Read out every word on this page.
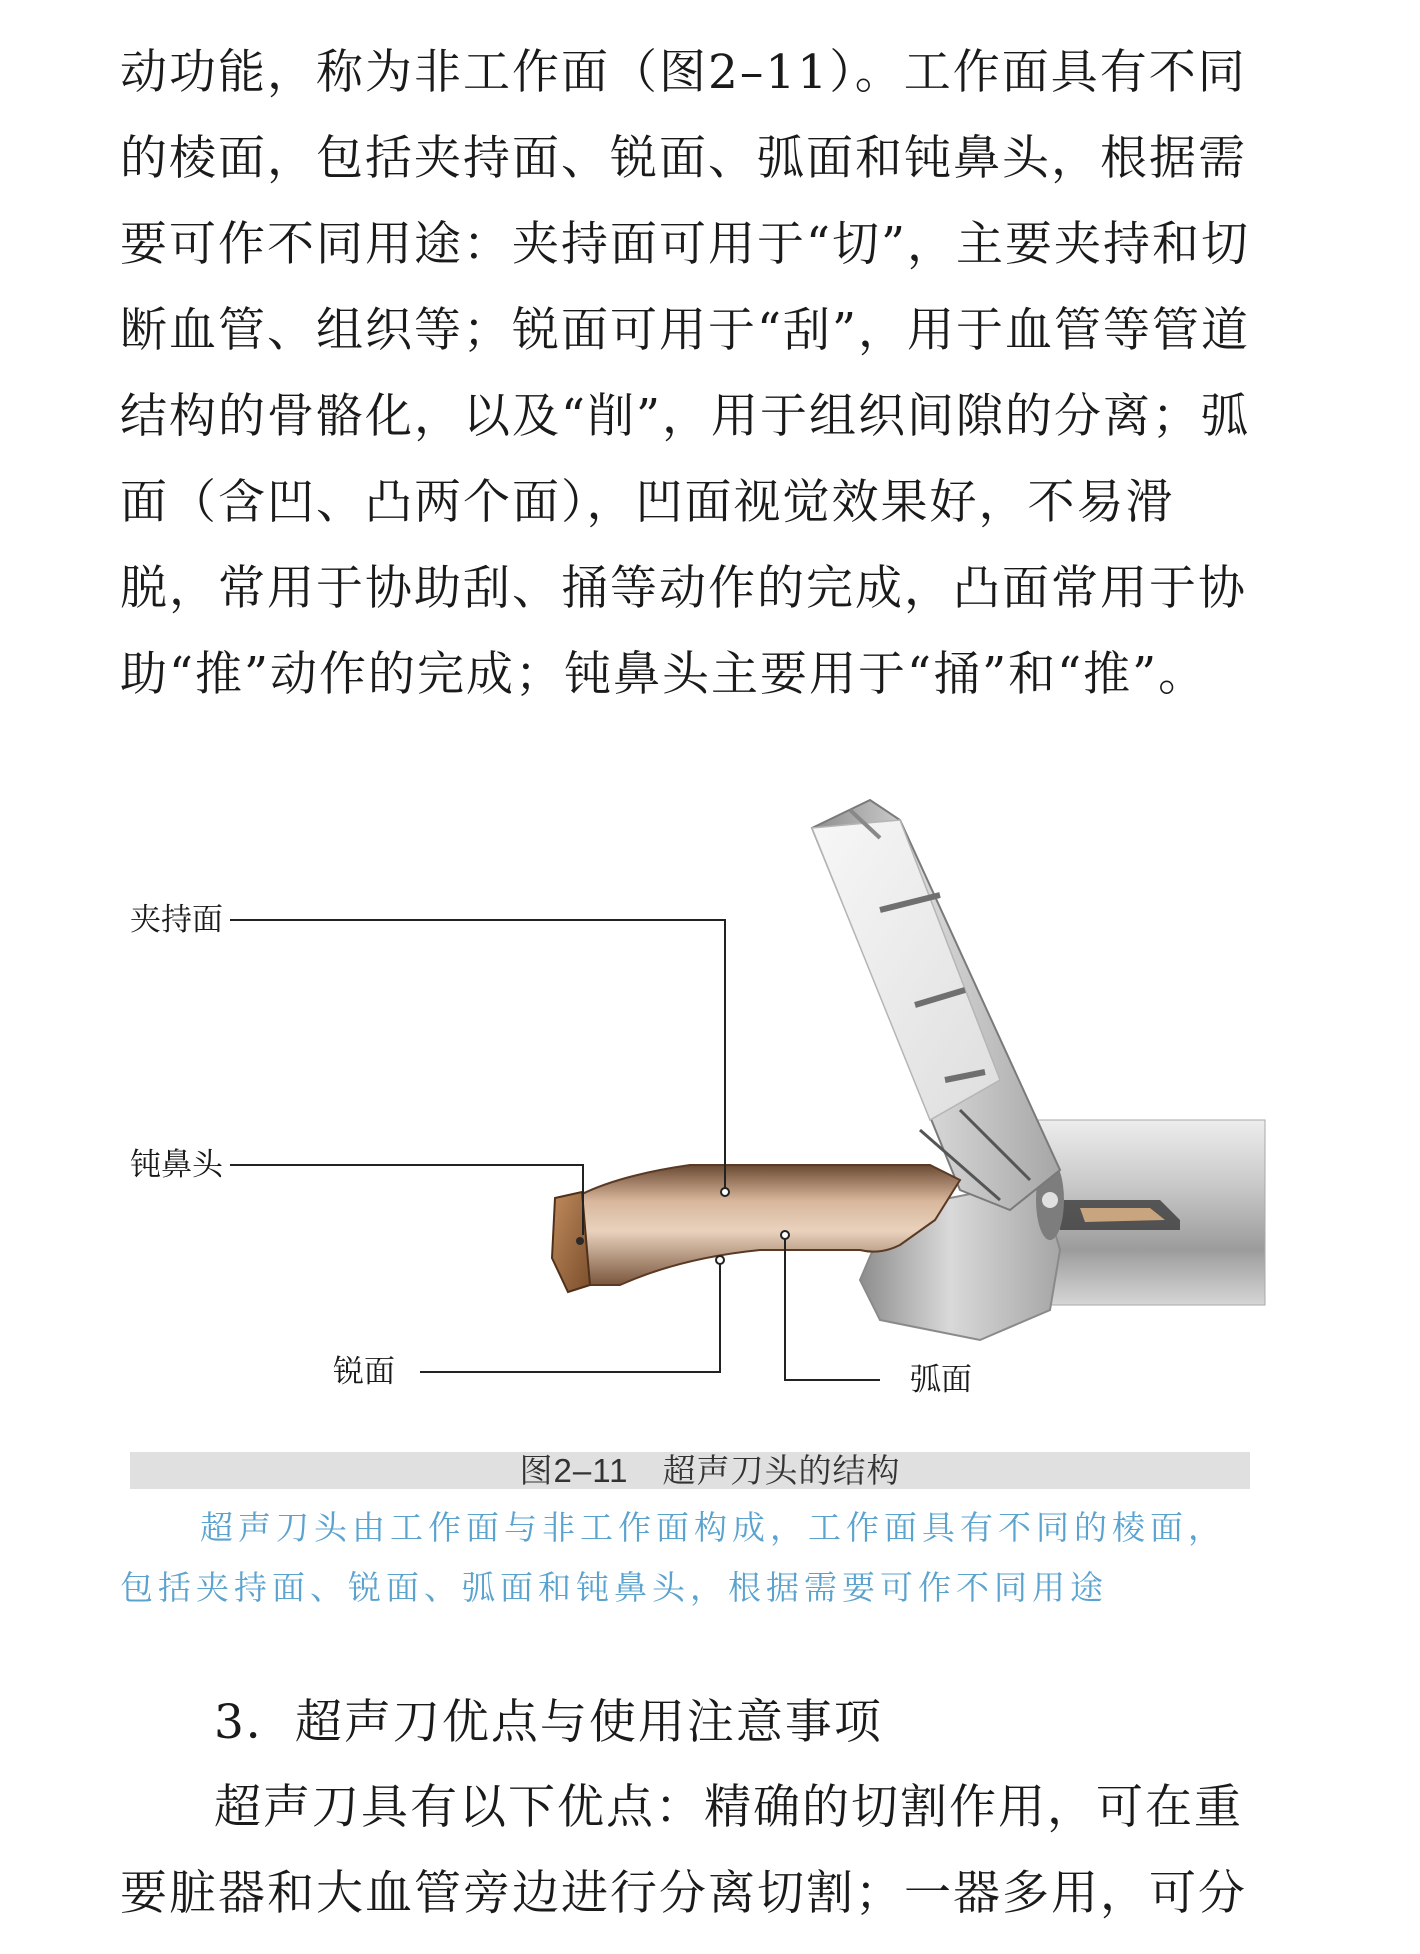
动功能，称为非工作面（图2–11）。工作面具有不同的棱面，包括夹持面、锐面、弧面和钝鼻头，根据需要可作不同用途：夹持面可用于“切”，主要夹持和切断血管、组织等；锐面可用于“刮”，用于血管等管道结构的骨骼化，以及“削”，用于组织间隙的分离；弧面（含凹、凸两个面），凹面视觉效果好，不易滑脱，常用于协助刮、捅等动作的完成，凸面常用于协助“推”动作的完成；钝鼻头主要用于“捅”和“推”。

夹持面
钝鼻头
锐面	弧面
图2–11　超声刀头的结构

超声刀头由工作面与非工作面构成，工作面具有不同的棱面，包括夹持面、锐面、弧面和钝鼻头，根据需要可作不同用途

3．超声刀优点与使用注意事项

超声刀具有以下优点：精确的切割作用，可在重要脏器和大血管旁边进行分离切割；一器多用，可分
